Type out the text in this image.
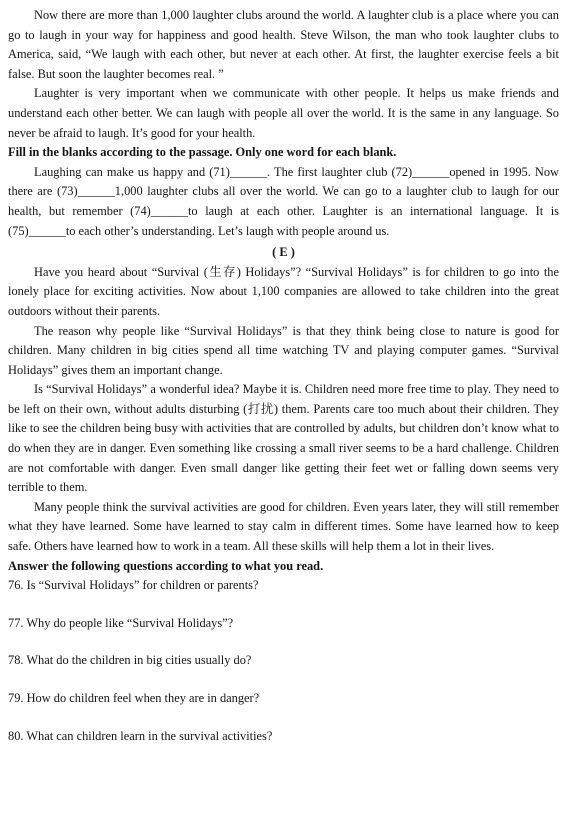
Now there are more than 1,000 laughter clubs around the world. A laughter club is a place where you can go to laugh in your way for happiness and good health. Steve Wilson, the man who took laughter clubs to America, said, “We laugh with each other, but never at each other. At first, the laughter exercise feels a bit false. But soon the laughter becomes real. ”

Laughter is very important when we communicate with other people. It helps us make friends and understand each other better. We can laugh with people all over the world. It is the same in any language. So never be afraid to laugh. It’s good for your health.

Fill in the blanks according to the passage. Only one word for each blank.

Laughing can make us happy and (71)______. The first laughter club (72)______opened in 1995. Now there are (73)______1,000 laughter clubs all over the world. We can go to a laughter club to laugh for our health, but remember (74)______to laugh at each other. Laughter is an international language. It is (75)______to each other’s understanding. Let’s laugh with people around us.

( E )

Have you heard about “Survival (生存) Holidays”? “Survival Holidays” is for children to go into the lonely place for exciting activities. Now about 1,100 companies are allowed to take children into the great outdoors without their parents.

The reason why people like “Survival Holidays” is that they think being close to nature is good for children. Many children in big cities spend all time watching TV and playing computer games. “Survival Holidays” gives them an important change.

Is “Survival Holidays” a wonderful idea? Maybe it is. Children need more free time to play. They need to be left on their own, without adults disturbing (打扰) them. Parents care too much about their children. They like to see the children being busy with activities that are controlled by adults, but children don’t know what to do when they are in danger. Even something like crossing a small river seems to be a hard challenge. Children are not comfortable with danger. Even small danger like getting their feet wet or falling down seems very terrible to them.

Many people think the survival activities are good for children. Even years later, they will still remember what they have learned. Some have learned to stay calm in different times. Some have learned how to keep safe. Others have learned how to work in a team. All these skills will help them a lot in their lives.

Answer the following questions according to what you read.

76. Is “Survival Holidays” for children or parents?

77. Why do people like “Survival Holidays”?

78. What do the children in big cities usually do?

79. How do children feel when they are in danger?

80. What can children learn in the survival activities?
